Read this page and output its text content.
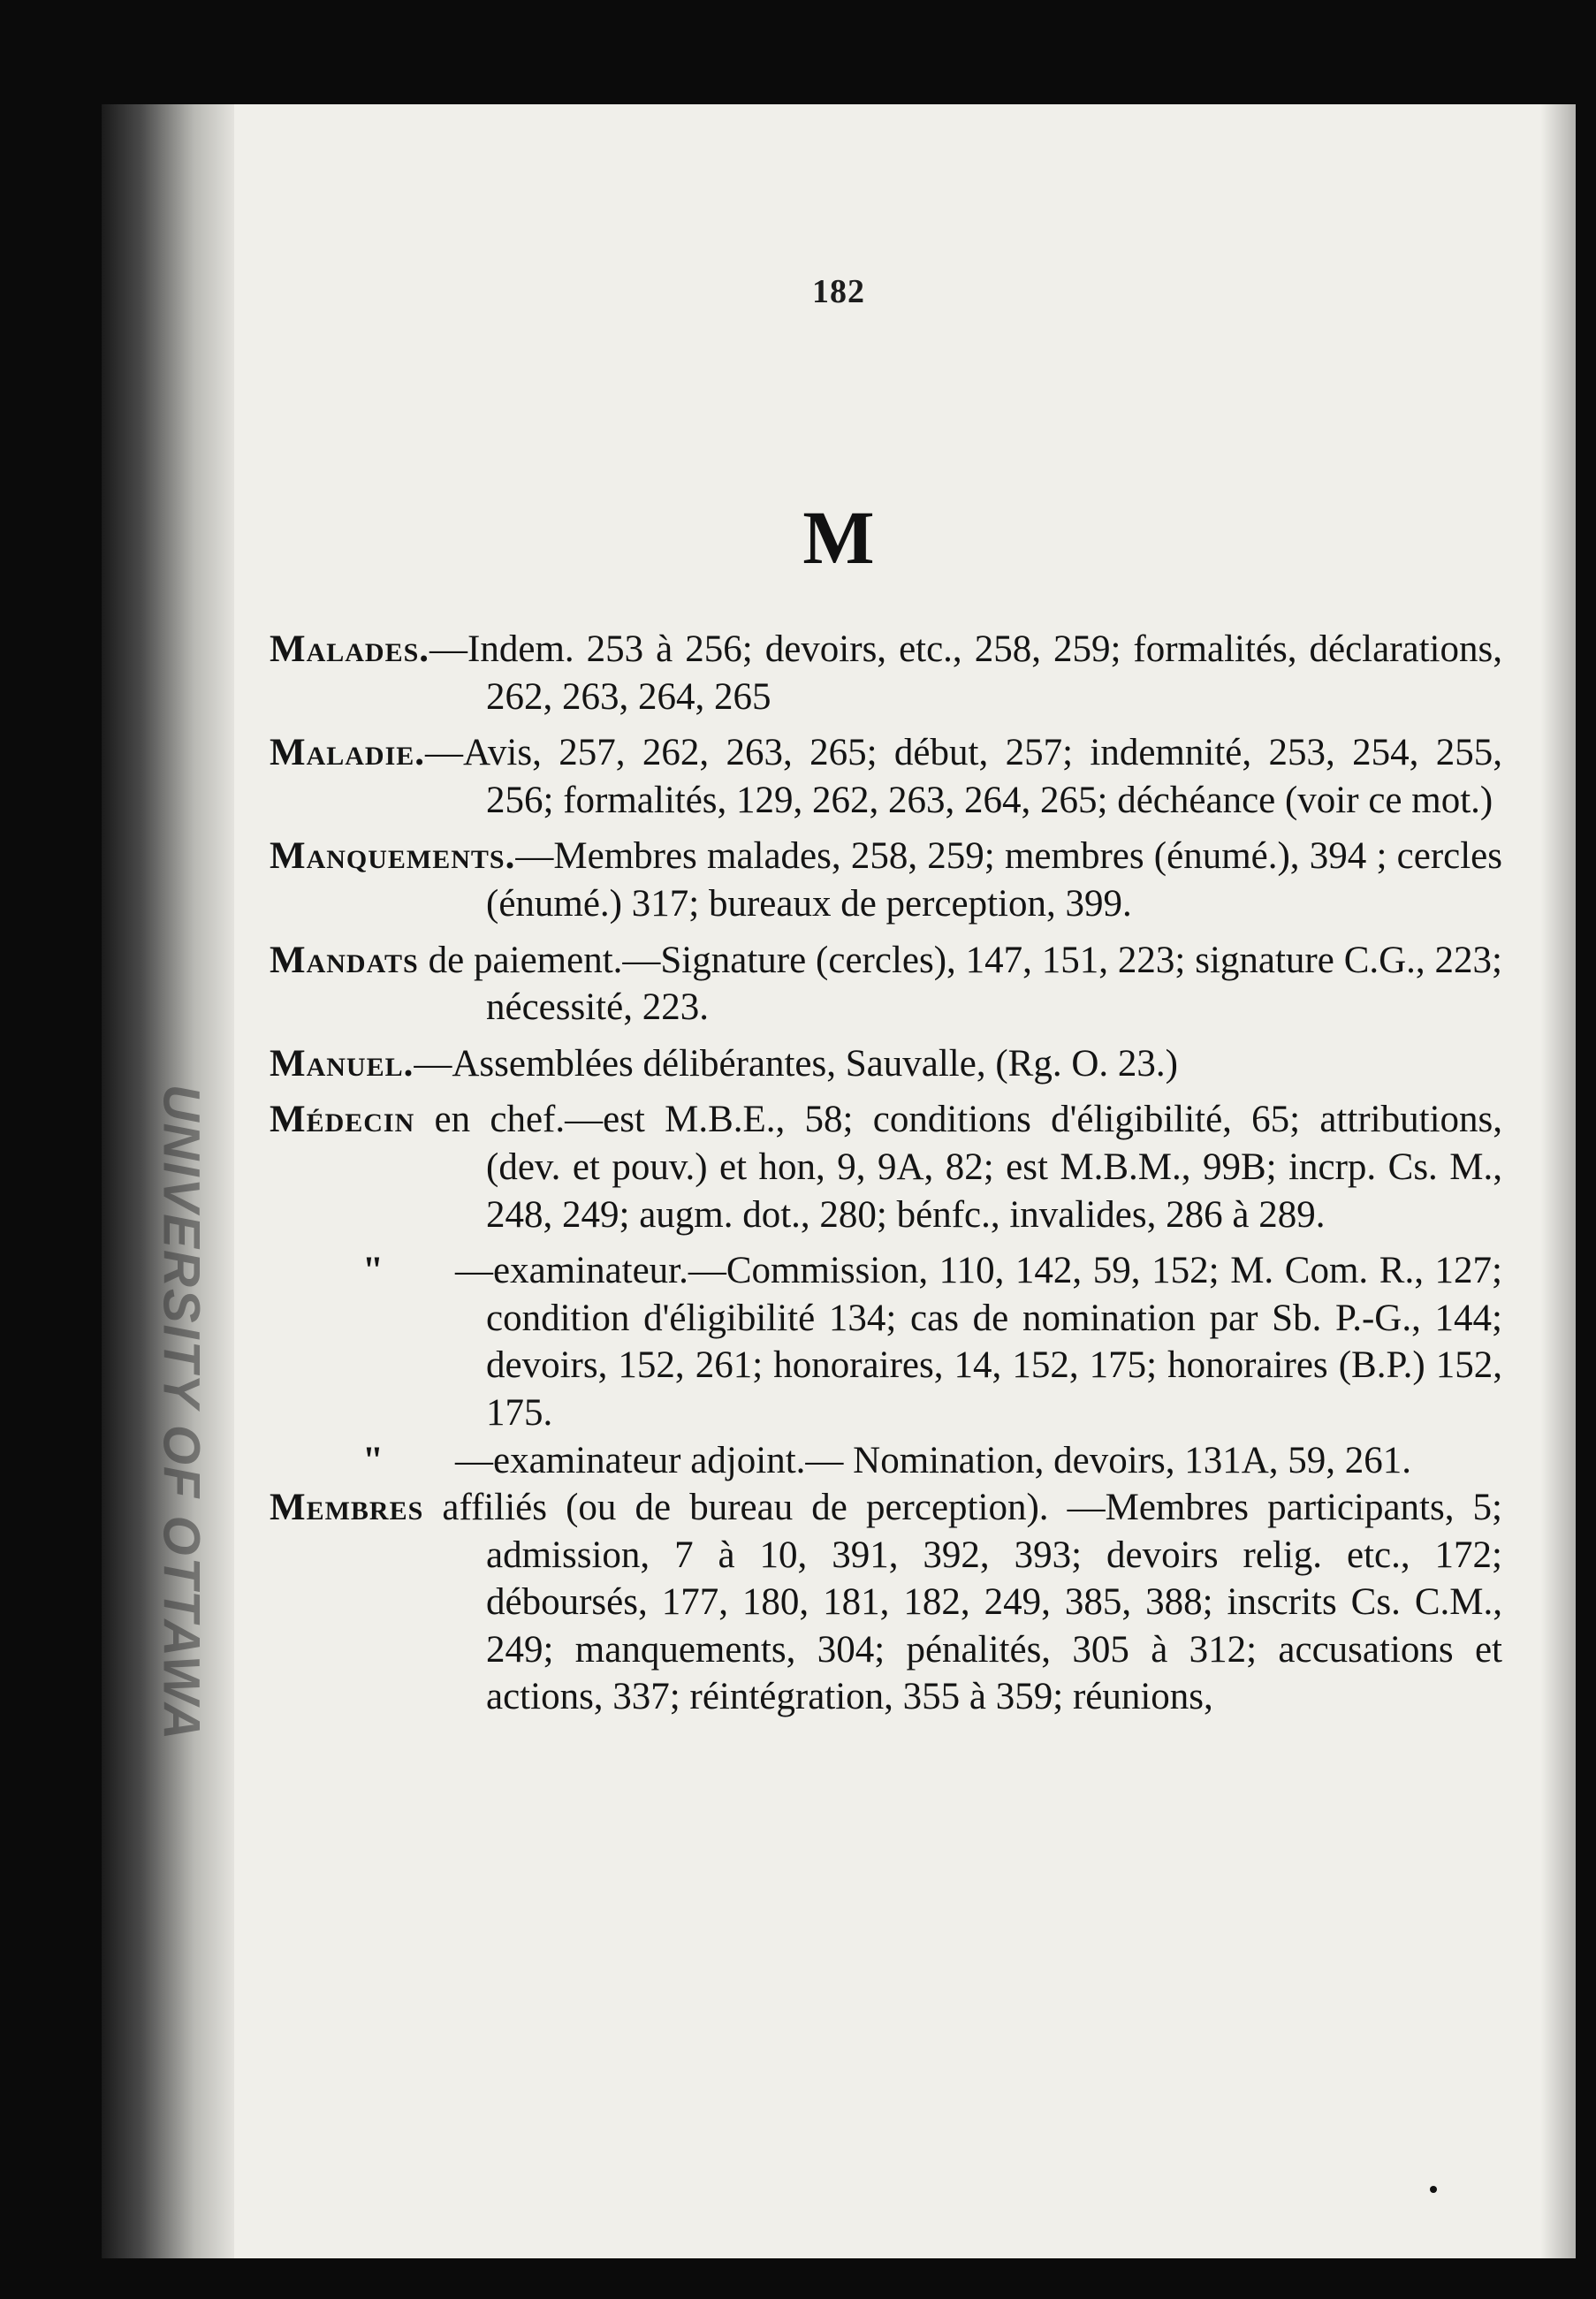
UNIVERSITY OF OTTAWA
182
M
Malades.—Indem. 253 à 256; devoirs, etc., 258, 259; formalités, déclarations, 262, 263, 264, 265
Maladie.—Avis, 257, 262, 263, 265; début, 257; indemnité, 253, 254, 255, 256; formalités, 129, 262, 263, 264, 265; déchéance (voir ce mot.)
Manquements.—Membres malades, 258, 259; membres (énumé.), 394 ; cercles (énumé.) 317; bureaux de perception, 399.
Mandats de paiement.—Signature (cercles), 147, 151, 223; signature C.G., 223; nécessité, 223.
Manuel.—Assemblées délibérantes, Sauvalle, (Rg. O. 23.)
Médecin en chef.—est M.B.E., 58; conditions d'éligibilité, 65; attributions, (dev. et pouv.) et hon, 9, 9A, 82; est M.B.M., 99B; incrp. Cs. M., 248, 249; augm. dot., 280; bénfc., invalides, 286 à 289.
" —examinateur.—Commission, 110, 142, 59, 152; M. Com. R., 127; condition d'éligibilité 134; cas de nomination par Sb. P.-G., 144; devoirs, 152, 261; honoraires, 14, 152, 175; honoraires (B.P.) 152, 175.
" —examinateur adjoint.— Nomination, devoirs, 131A, 59, 261.
Membres affiliés (ou de bureau de perception). —Membres participants, 5; admission, 7 à 10, 391, 392, 393; devoirs relig. etc., 172; déboursés, 177, 180, 181, 182, 249, 385, 388; inscrits Cs. C.M., 249; manquements, 304; pénalités, 305 à 312; accusations et actions, 337; réintégration, 355 à 359; réunions,
